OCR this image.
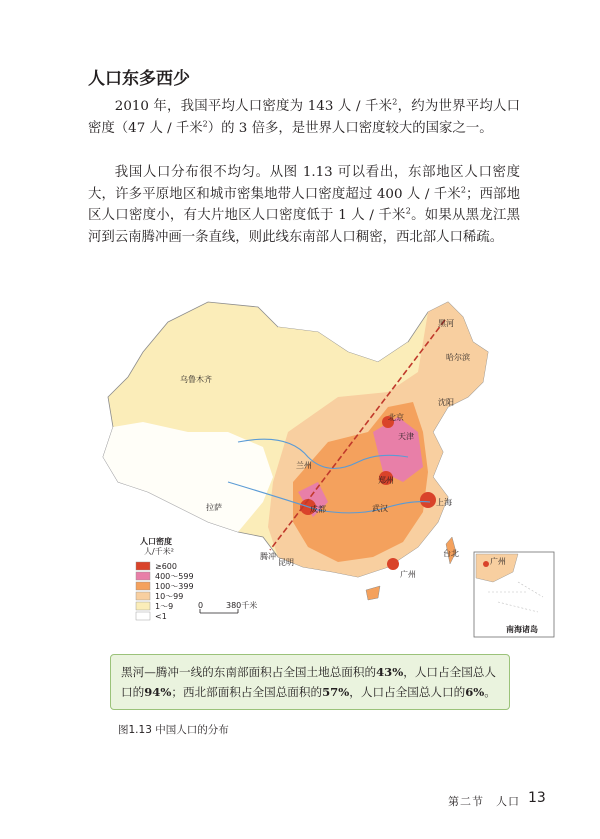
人口东多西少

2010 年，我国平均人口密度为 143 人 / 千米$^2$，约为世界平均人口密度（47 人 / 千米$^2$）的 3 倍多，是世界人口密度较大的国家之一。

我国人口分布很不均匀。从图 1.13 可以看出，东部地区人口密度大，许多平原地区和城市密集地带人口密度超过 400 人 / 千米$^2$；西部地区人口密度小，有大片地区人口密度低于 1 人 / 千米$^2$。如果从黑龙江黑河到云南腾冲画一条直线，则此线东南部人口稠密，西北部人口稀疏。

黑河
哈尔滨
乌鲁木齐
沈阳
北京
天津
兰州
郑州
上海
成都	武汉
拉萨
台北
腾冲
昆明
广州
人口密度
人/千米²
≥600
400～599
100～399
10～99
1～9
<1
0	380千米
广州
南海诸岛
黑河—腾冲一线的东南部面积占全国土地总面积的43%，人口占全国总人口的94%；西北部面积占全国总面积的57%，人口占全国总人口的6%。
图1.13 中国人口的分布
第二节　人口 13
